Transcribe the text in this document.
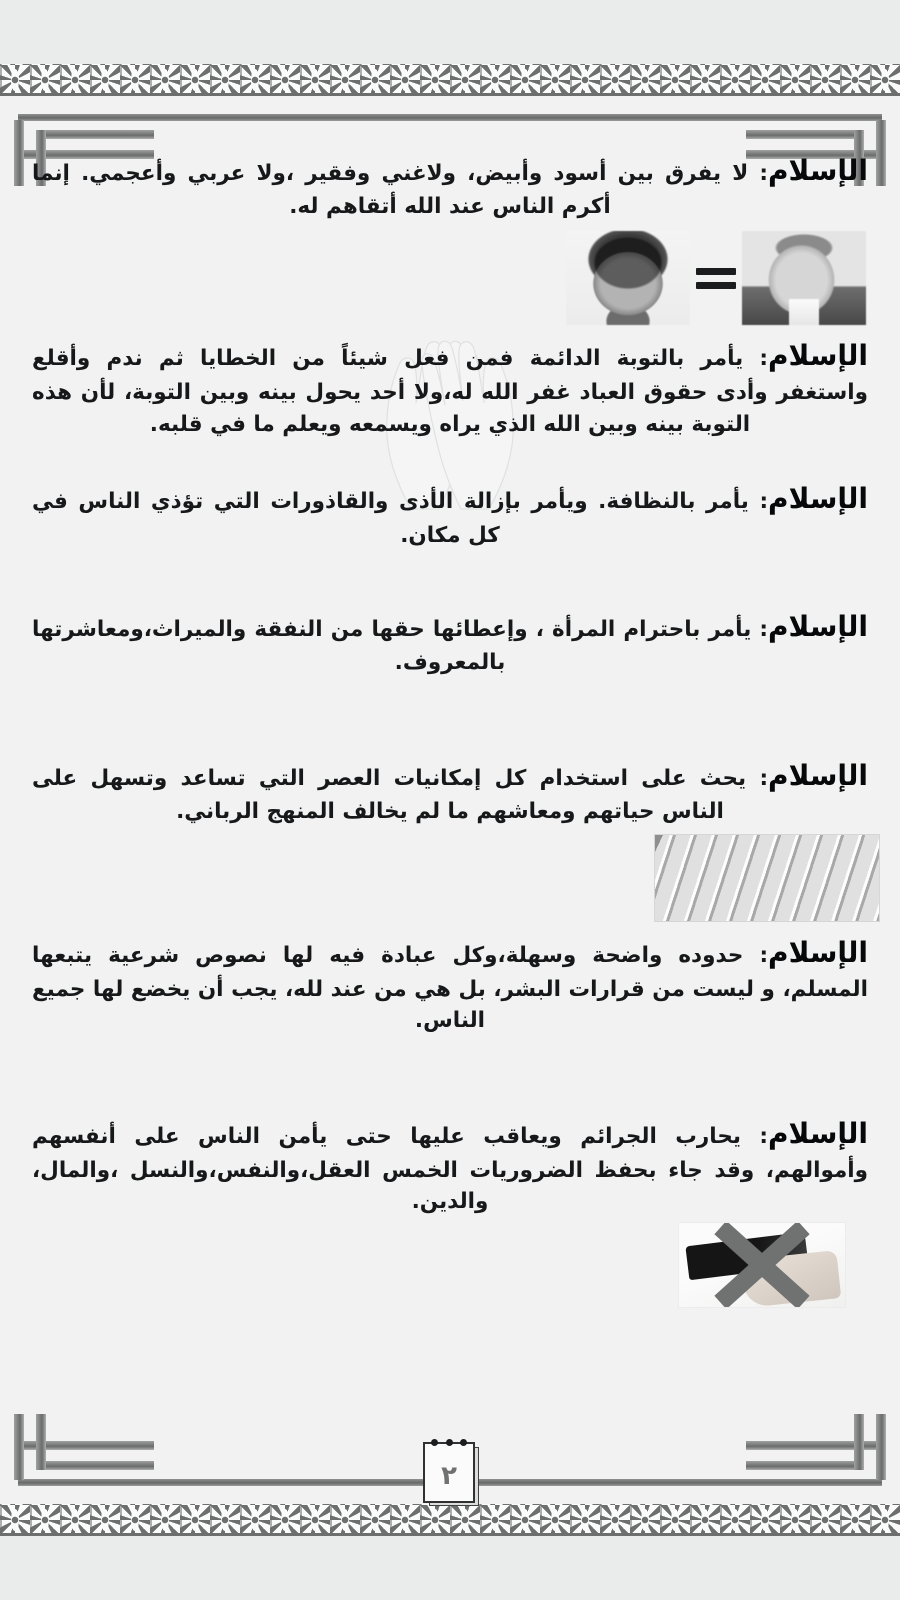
الإسلام: لا يفرق بين أسود وأبيض، ولاغني وفقير ،ولا عربي وأعجمي. إنما أكرم الناس عند الله أتقاهم له.

الإسلام: يأمر بالتوبة الدائمة فمن فعل شيئاً من الخطايا ثم ندم وأقلع واستغفر وأدى حقوق العباد غفر الله له،ولا أحد يحول بينه وبين التوبة، لأن هذه التوبة بينه وبين الله الذي يراه ويسمعه ويعلم ما في قلبه.

الإسلام: يأمر بالنظافة. ويأمر بإزالة الأذى والقاذورات التي تؤذي الناس في كل مكان.

الإسلام: يأمر باحترام المرأة ، وإعطائها حقها من النفقة والميراث،ومعاشرتها بالمعروف.

الإسلام: يحث على استخدام كل إمكانيات العصر التي تساعد وتسهل على الناس حياتهم ومعاشهم ما لم يخالف المنهج الرباني.

الإسلام: حدوده واضحة وسهلة،وكل عبادة فيه لها نصوص شرعية يتبعها المسلم، و ليست من قرارات البشر، بل هي من عند لله، يجب أن يخضع لها جميع الناس.

الإسلام: يحارب الجرائم ويعاقب عليها حتى يأمن الناس على أنفسهم وأموالهم، وقد جاء بحفظ الضروريات الخمس العقل،والنفس،والنسل ،والمال، والدين.

٢
